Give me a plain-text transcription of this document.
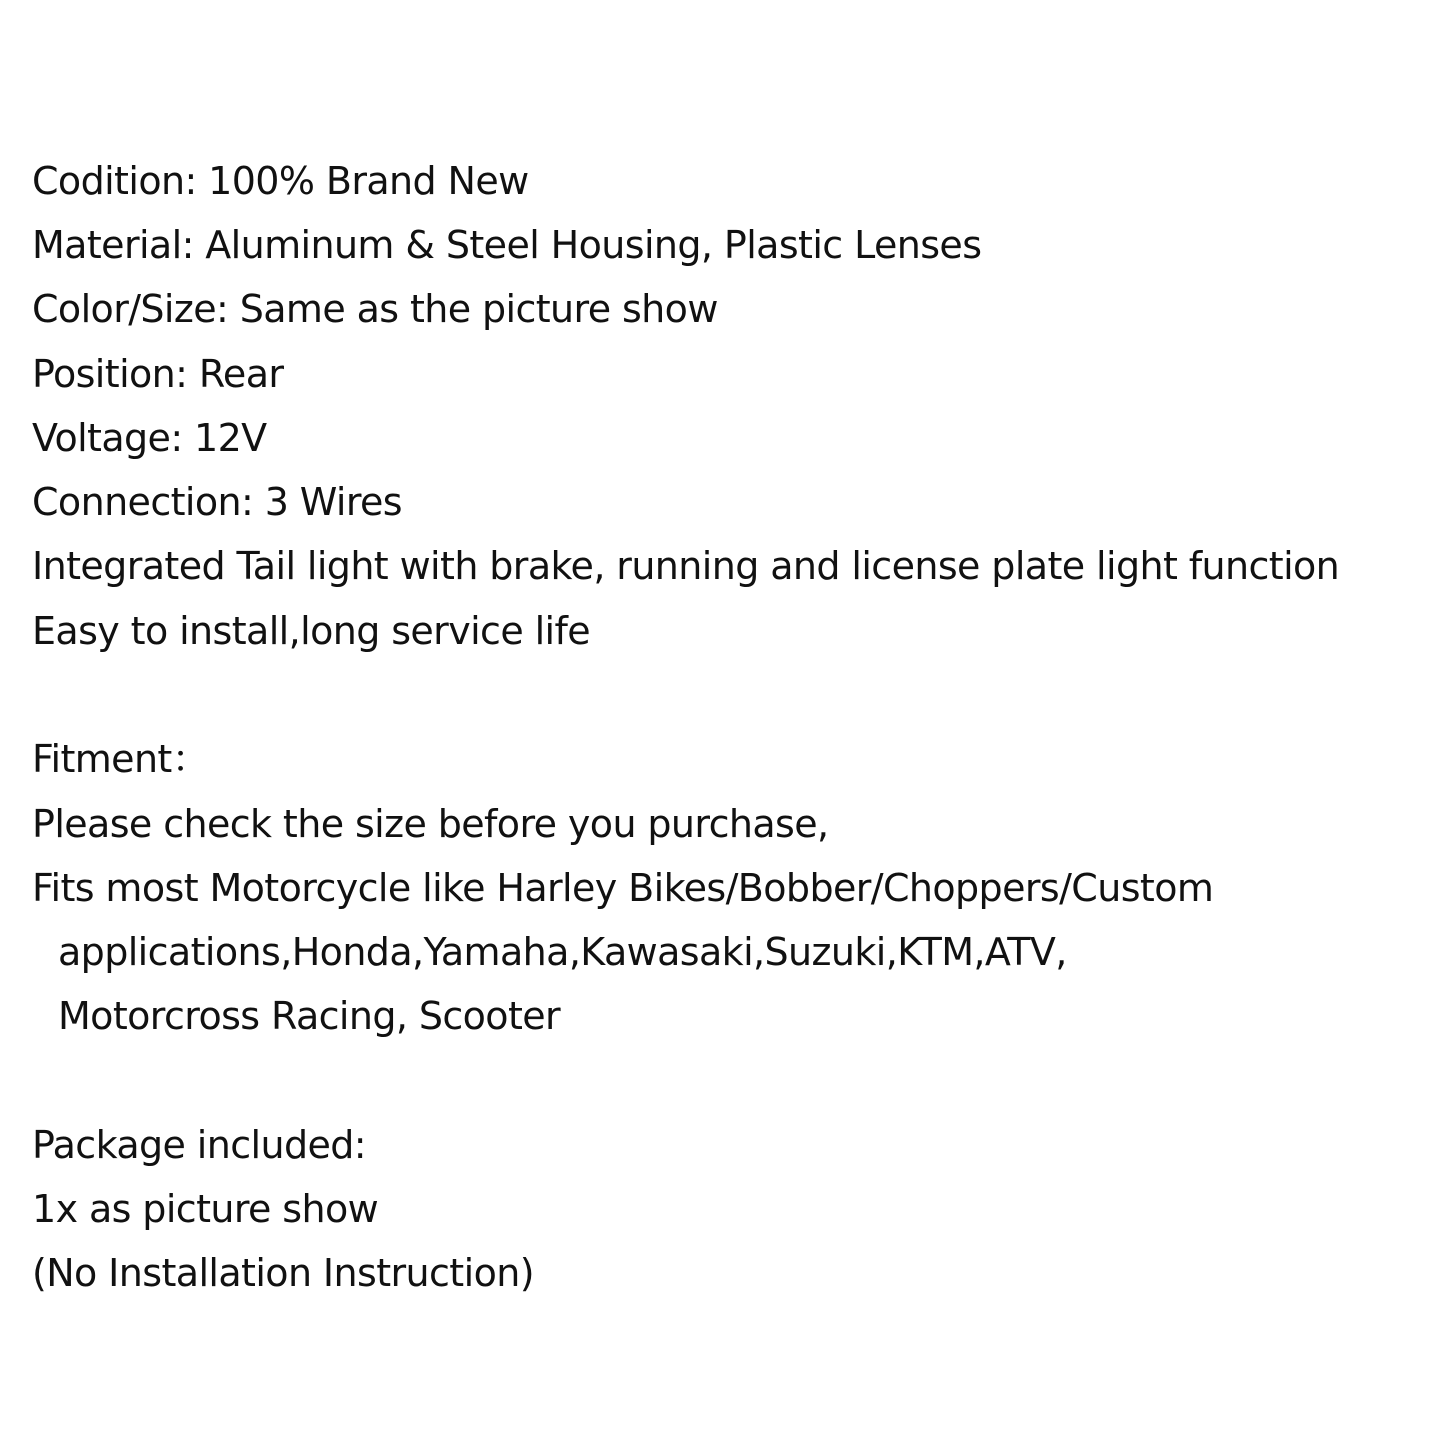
Codition: 100% Brand New
Material: Aluminum & Steel Housing, Plastic Lenses
Color/Size: Same as the picture show
Position: Rear
Voltage: 12V
Connection: 3 Wires
Integrated Tail light with brake, running and license plate light function
Easy to install,long service life
Fitment：
Please check the size before you purchase,
Fits most Motorcycle like Harley Bikes/Bobber/Choppers/Custom
applications,Honda,Yamaha,Kawasaki,Suzuki,KTM,ATV,
Motorcross Racing, Scooter
Package included:
1x as picture show
(No Installation Instruction)
